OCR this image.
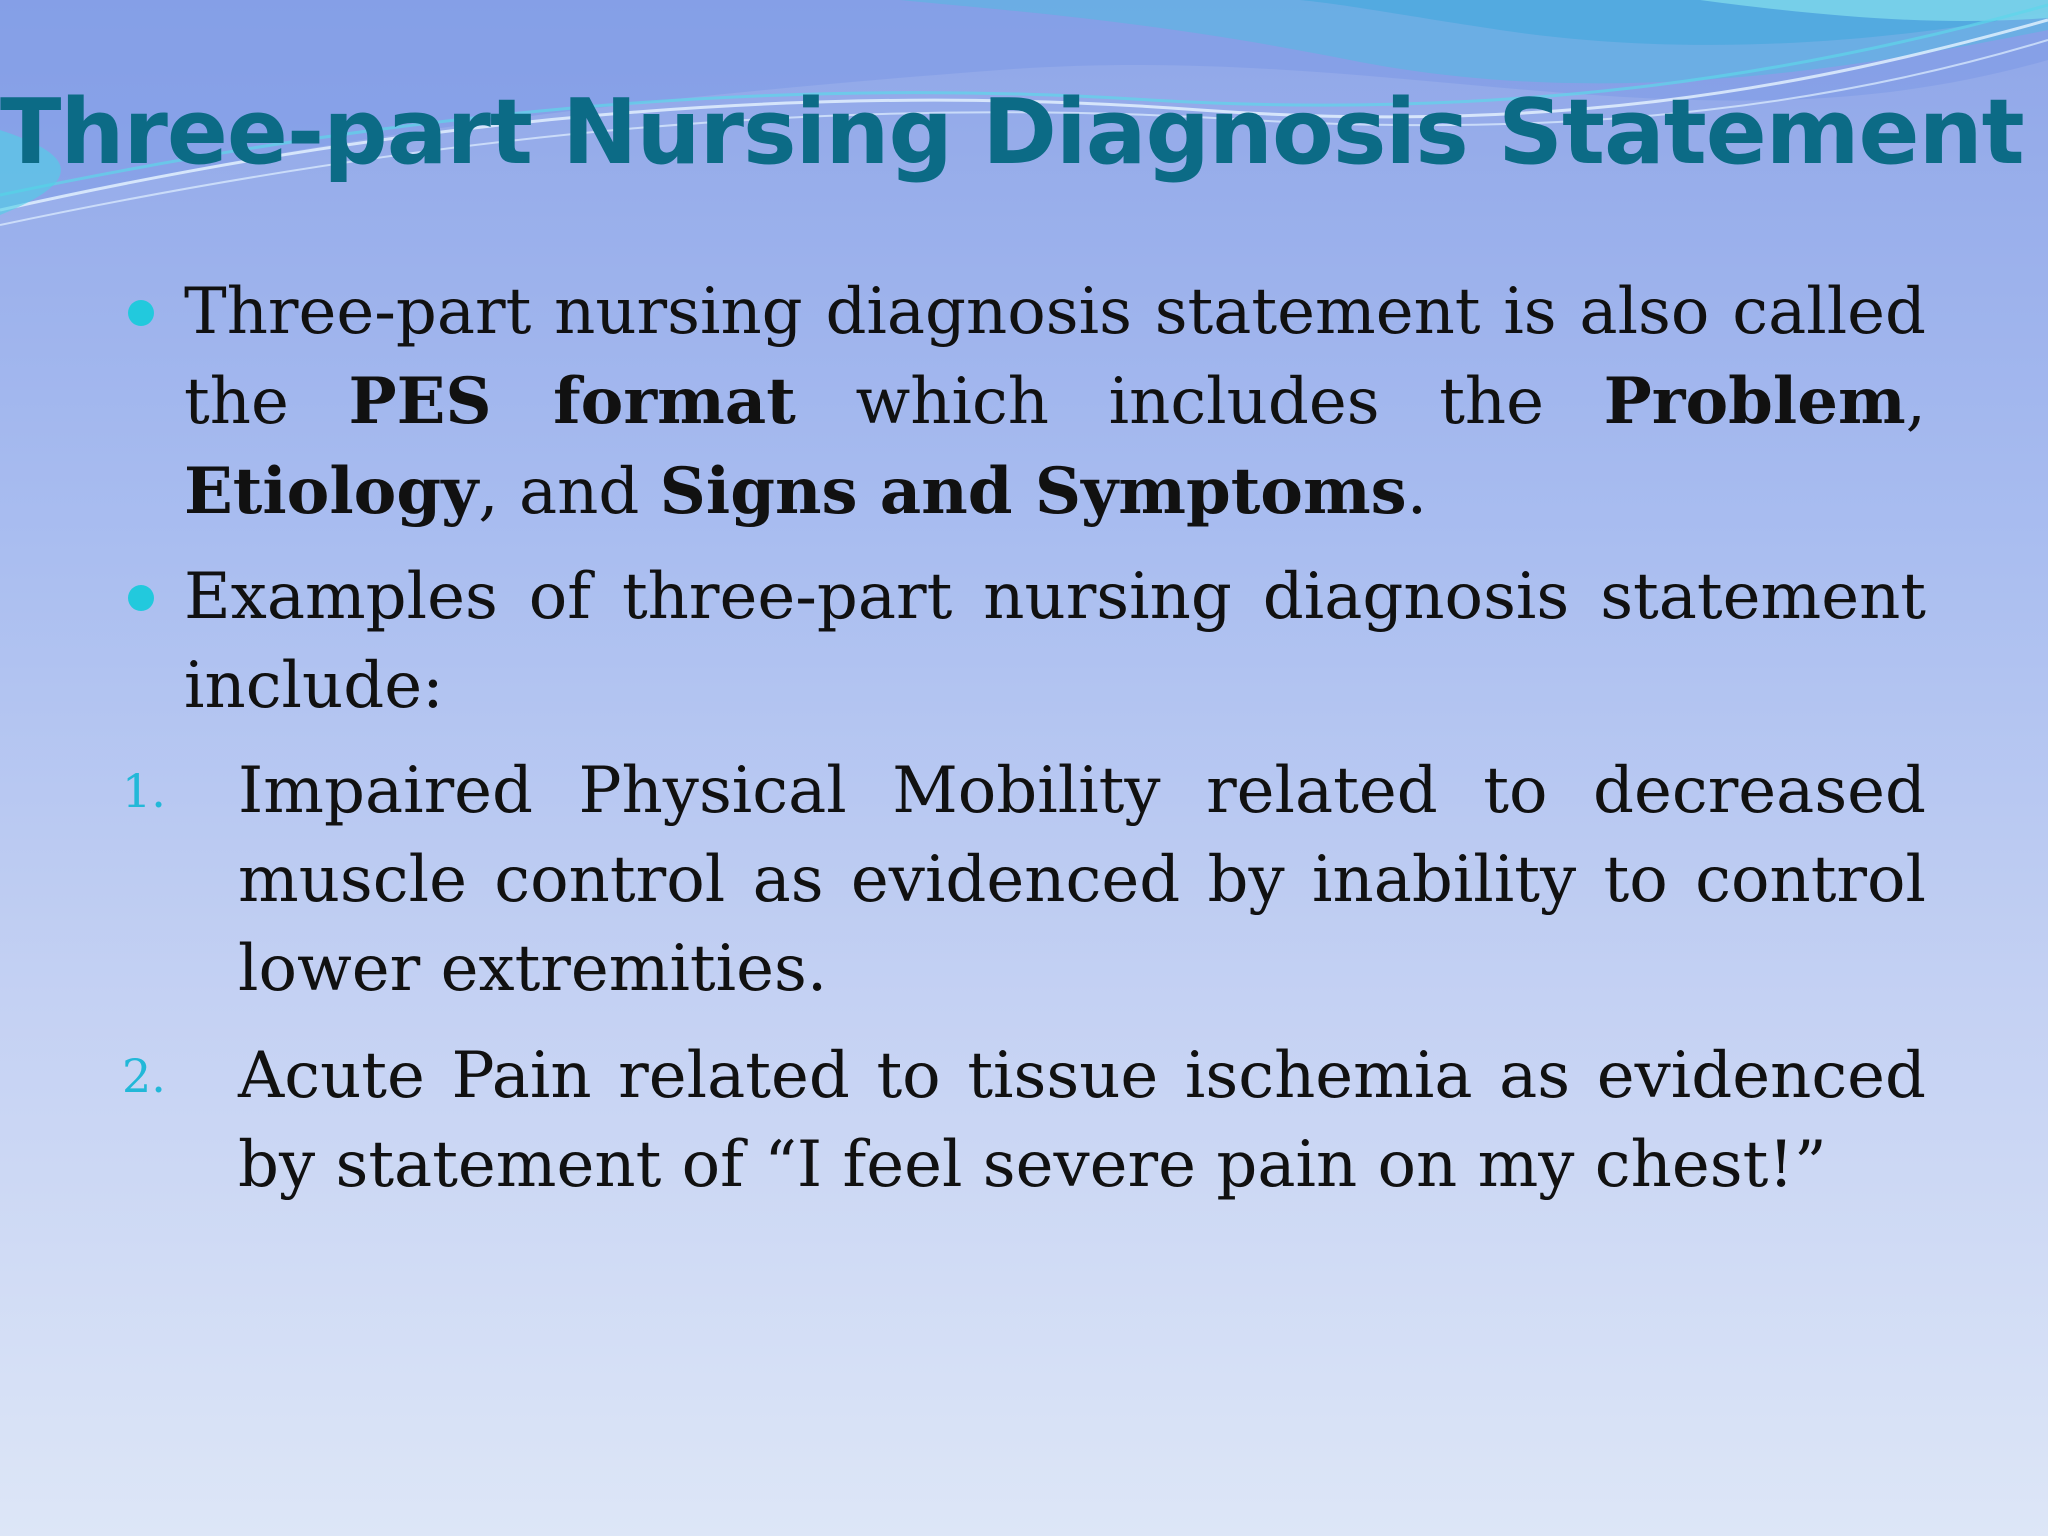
Three-part Nursing Diagnosis Statement
Three-part nursing diagnosis statement is also called the PES format which includes the Problem, Etiology, and Signs and Symptoms.
Examples of three-part nursing diagnosis statement include:
1. Impaired Physical Mobility related to decreased muscle control as evidenced by inability to control lower extremities.
2. Acute Pain related to tissue ischemia as evidenced by statement of “I feel severe pain on my chest!”
